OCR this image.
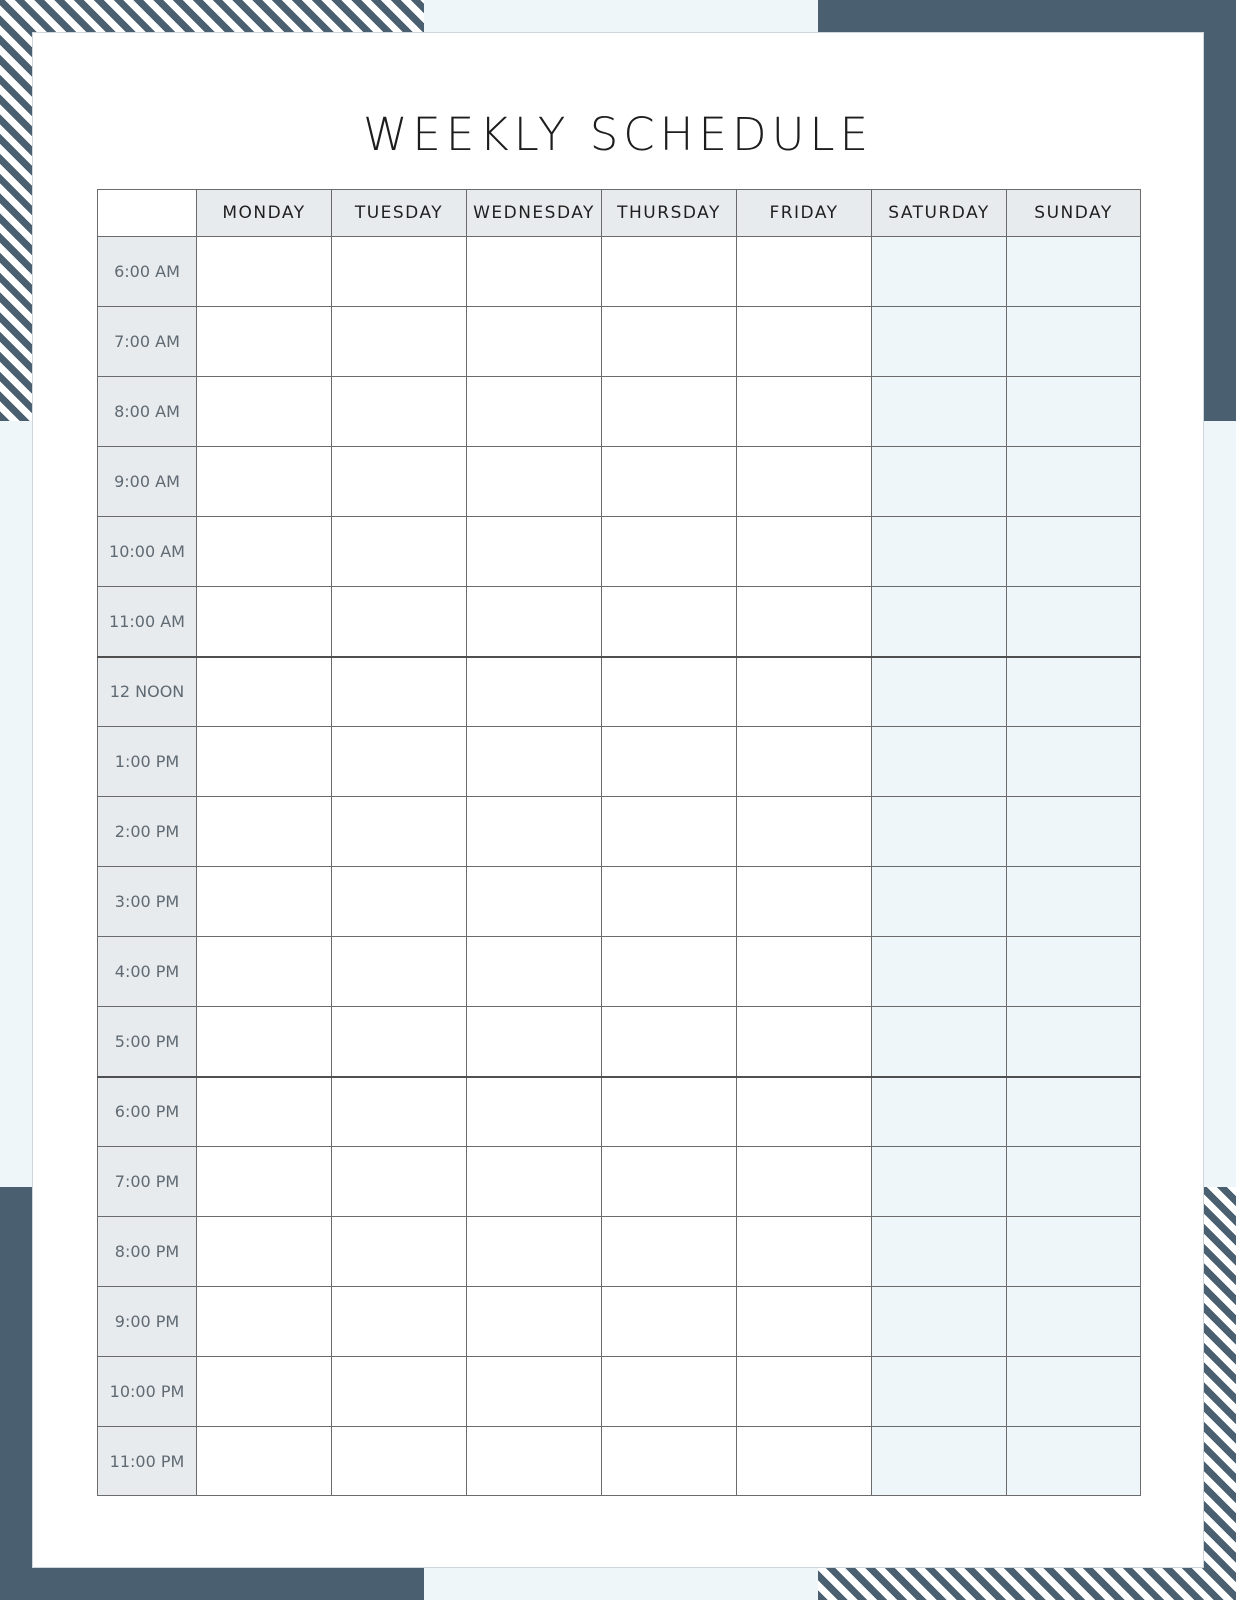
WEEKLY SCHEDULE
	MONDAY	TUESDAY	WEDNESDAY	THURSDAY	FRIDAY	SATURDAY	SUNDAY
6:00 AM							
7:00 AM							
8:00 AM							
9:00 AM							
10:00 AM							
11:00 AM							
12 NOON							
1:00 PM							
2:00 PM							
3:00 PM							
4:00 PM							
5:00 PM							
6:00 PM							
7:00 PM							
8:00 PM							
9:00 PM							
10:00 PM							
11:00 PM							
